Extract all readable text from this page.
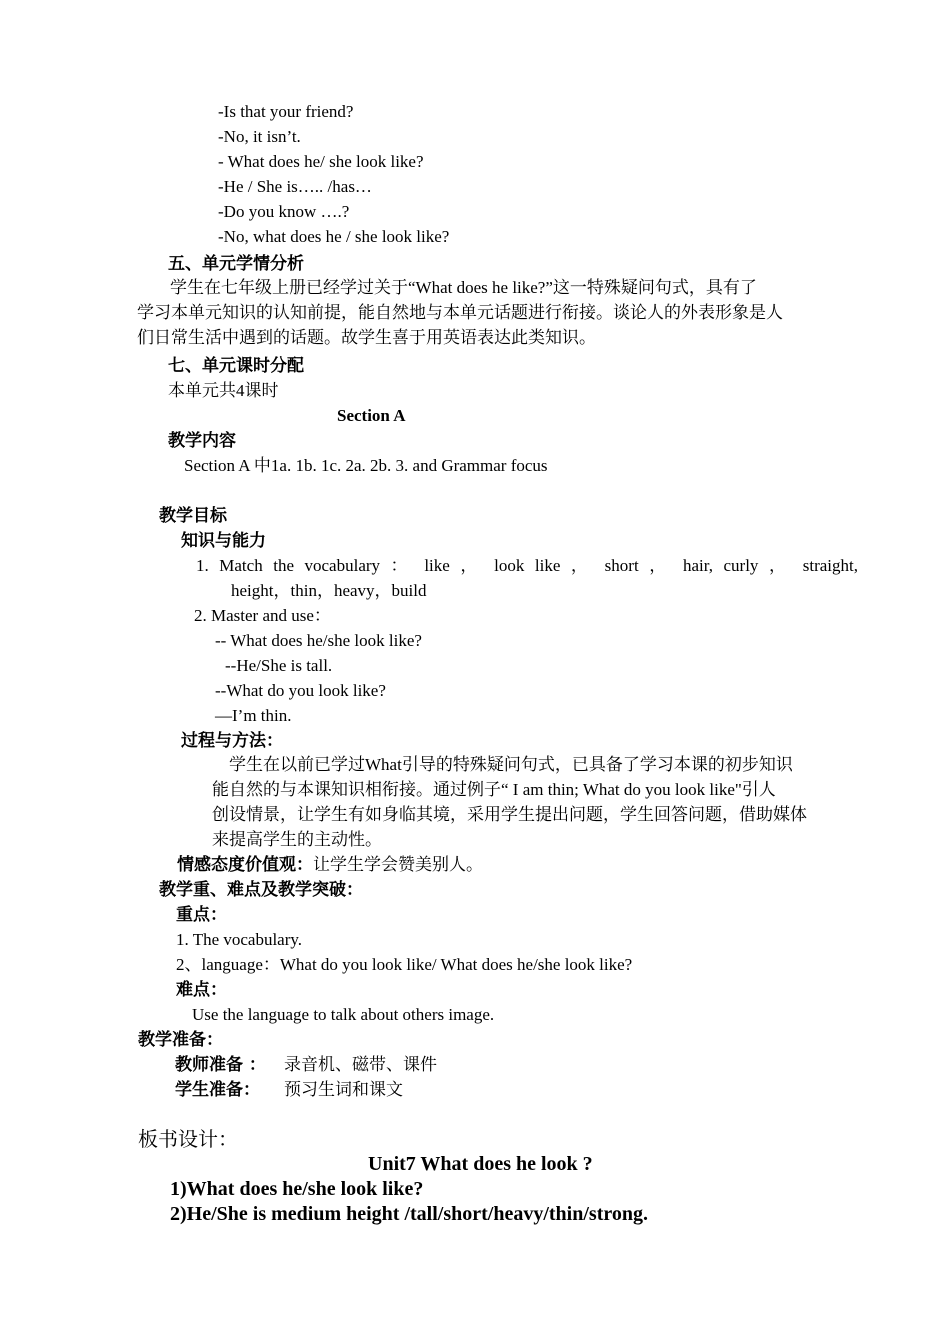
-Is that your friend?
-No, it isn’t.
- What does he/ she look like?
-He / She is….. /has…
-Do you know ….?
-No, what does he / she look like?
五、单元学情分析
学生在七年级上册已经学过关于“What does he like?”这一特殊疑问句式，具有了
学习本单元知识的认知前提，能自然地与本单元话题进行衔接。谈论人的外表形象是人
们日常生活中遇到的话题。故学生喜于用英语表达此类知识。
七、单元课时分配
本单元共4课时
Section A
教学内容
Section A 中1a. 1b. 1c. 2a. 2b. 3. and Grammar focus
教学目标
知识与能力
1. Match the vocabulary ： like ， look like ， short ， hair, curly ， straight,
height，thin，heavy，build
2. Master and use：
-- What does he/she look like?
--He/She is tall.
--What do you look like?
—I’m thin.
过程与方法：
学生在以前已学过What引导的特殊疑问句式，已具备了学习本课的初步知识
能自然的与本课知识相衔接。通过例子“ I am thin; What do you look like"引人
创设情景，让学生有如身临其境，采用学生提出问题，学生回答问题，借助媒体
来提高学生的主动性。
情感态度价值观：让学生学会赞美别人。
教学重、难点及教学突破：
重点：
1. The vocabulary.
2、language：What do you look like/ What does he/she look like?
难点：
Use the language to talk about others image.
教学准备：
教师准备 ： 录音机、磁带、课件
学生准备： 预习生词和课文
板书设计：
Unit7 What does he look ?
1)What does he/she look like?
2)He/She is medium height /tall/short/heavy/thin/strong.
